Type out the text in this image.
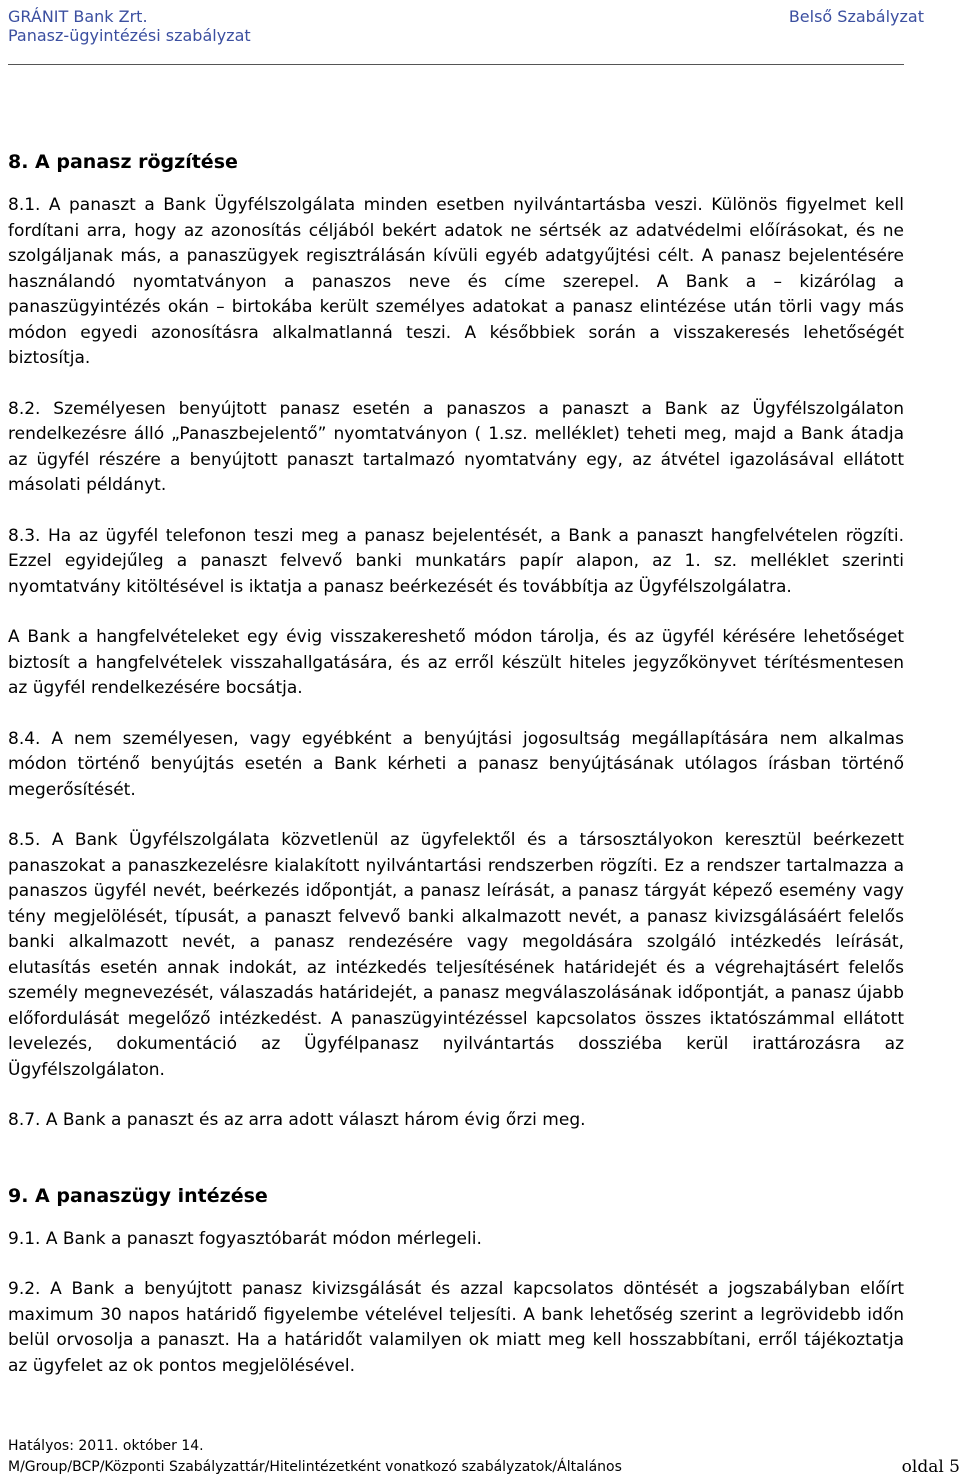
GRÁNIT Bank Zrt.
Panasz-ügyintézési szabályzat
Belső Szabályzat

8. A panasz rögzítése

8.1. A panaszt a Bank Ügyfélszolgálata minden esetben nyilvántartásba veszi. Különös figyelmet kell fordítani arra, hogy az azonosítás céljából bekért adatok ne sértsék az adatvédelmi előírásokat, és ne szolgáljanak más, a panaszügyek regisztrálásán kívüli egyéb adatgyűjtési célt. A panasz bejelentésére használandó nyomtatványon a panaszos neve és címe szerepel. A Bank a – kizárólag a panaszügyintézés okán – birtokába került személyes adatokat a panasz elintézése után törli vagy más módon egyedi azonosításra alkalmatlanná teszi. A későbbiek során a visszakeresés lehetőségét biztosítja.

8.2. Személyesen benyújtott panasz esetén a panaszos a panaszt a Bank az Ügyfélszolgálaton rendelkezésre álló „Panaszbejelentő” nyomtatványon ( 1.sz. melléklet) teheti meg, majd a Bank átadja az ügyfél részére a benyújtott panaszt tartalmazó nyomtatvány egy, az átvétel igazolásával ellátott másolati példányt.

8.3. Ha az ügyfél telefonon teszi meg a panasz bejelentését, a Bank a panaszt hangfelvételen rögzíti. Ezzel egyidejűleg a panaszt felvevő banki munkatárs papír alapon, az 1. sz. melléklet szerinti nyomtatvány kitöltésével is iktatja a panasz beérkezését és továbbítja az Ügyfélszolgálatra.

A Bank a hangfelvételeket egy évig visszakereshető módon tárolja, és az ügyfél kérésére lehetőséget biztosít a hangfelvételek visszahallgatására, és az erről készült hiteles jegyzőkönyvet térítésmentesen az ügyfél rendelkezésére bocsátja.

8.4. A nem személyesen, vagy egyébként a benyújtási jogosultság megállapítására nem alkalmas módon történő benyújtás esetén a Bank kérheti a panasz benyújtásának utólagos írásban történő megerősítését.

8.5. A Bank Ügyfélszolgálata közvetlenül az ügyfelektől és a társosztályokon keresztül beérkezett panaszokat a panaszkezelésre kialakított nyilvántartási rendszerben rögzíti. Ez a rendszer tartalmazza a panaszos ügyfél nevét, beérkezés időpontját, a panasz leírását, a panasz tárgyát képező esemény vagy tény megjelölését, típusát, a panaszt felvevő banki alkalmazott nevét, a panasz kivizsgálásáért felelős banki alkalmazott nevét, a panasz rendezésére vagy megoldására szolgáló intézkedés leírását, elutasítás esetén annak indokát, az intézkedés teljesítésének határidejét és a végrehajtásért felelős személy megnevezését, válaszadás határidejét, a panasz megválaszolásának időpontját, a panasz újabb előfordulását megelőző intézkedést. A panaszügyintézéssel kapcsolatos összes iktatószámmal ellátott levelezés, dokumentáció az Ügyfélpanasz nyilvántartás dossziéba kerül irattározásra az Ügyfélszolgálaton.

8.7. A Bank a panaszt és az arra adott választ három évig őrzi meg.

9. A panaszügy intézése

9.1. A Bank a panaszt fogyasztóbarát módon mérlegeli.

9.2. A Bank a benyújtott panasz kivizsgálását és azzal kapcsolatos döntését a jogszabályban előírt maximum 30 napos határidő figyelembe vételével teljesíti. A bank lehetőség szerint a legrövidebb időn belül orvosolja a panaszt. Ha a határidőt valamilyen ok miatt meg kell hosszabbítani, erről tájékoztatja az ügyfelet az ok pontos megjelölésével.

Hatályos: 2011. október 14.
M/Group/BCP/Központi Szabályzattár/Hitelintézetként vonatkozó szabályzatok/Általános	oldal 5
